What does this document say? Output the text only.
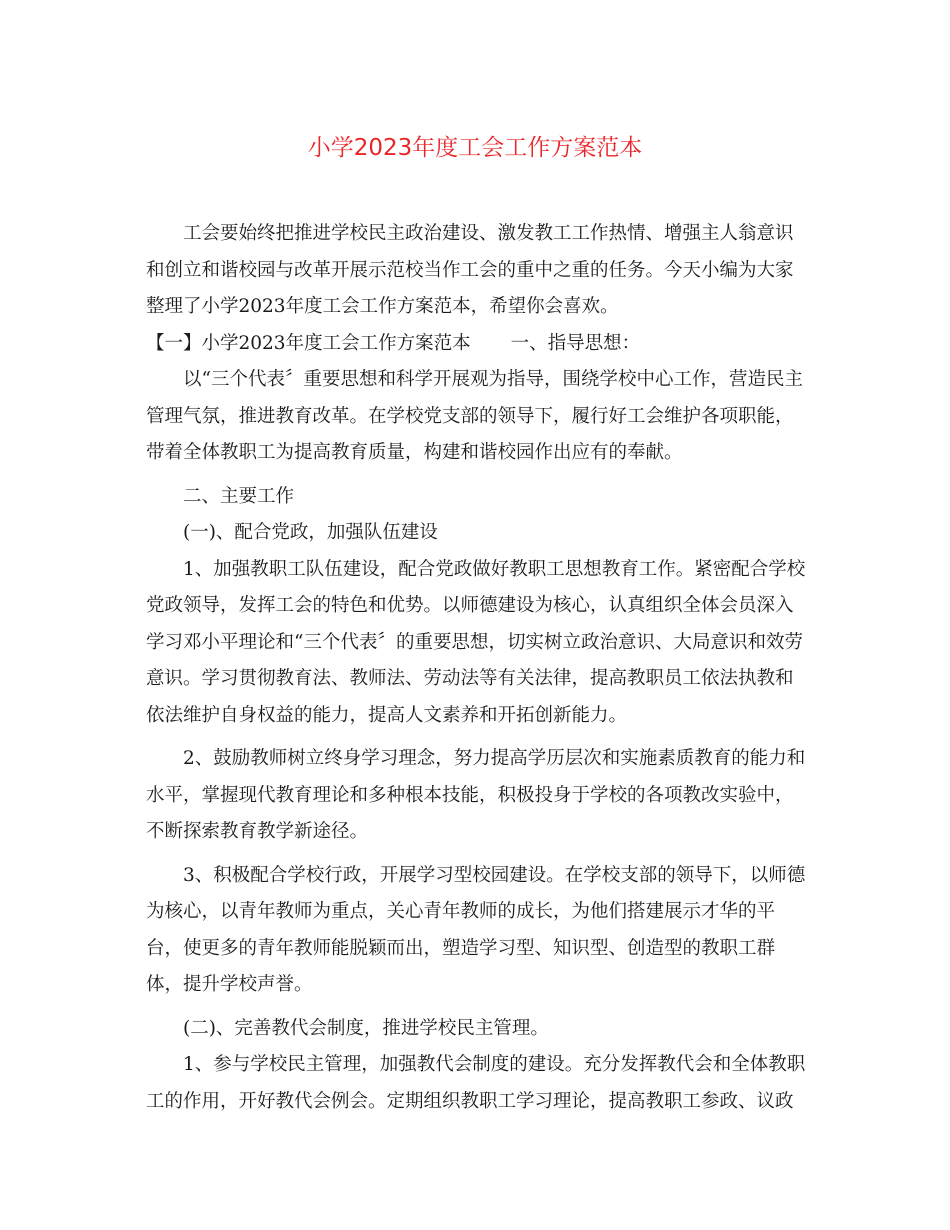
小学2023年度工会工作方案范本

工会要始终把推进学校民主政治建设、激发教工工作热情、增强主人翁意识和创立和谐校园与改革开展示范校当作工会的重中之重的任务。今天小编为大家整理了小学2023年度工会工作方案范本，希望你会喜欢。

【一】小学2023年度工会工作方案范本 一、指导思想：

以“三个代表〞重要思想和科学开展观为指导，围绕学校中心工作，营造民主管理气氛，推进教育改革。在学校党支部的领导下，履行好工会维护各项职能，带着全体教职工为提高教育质量，构建和谐校园作出应有的奉献。

二、主要工作

(一)、配合党政，加强队伍建设

1、加强教职工队伍建设，配合党政做好教职工思想教育工作。紧密配合学校党政领导，发挥工会的特色和优势。以师德建设为核心，认真组织全体会员深入学习邓小平理论和“三个代表〞的重要思想，切实树立政治意识、大局意识和效劳意识。学习贯彻教育法、教师法、劳动法等有关法律，提高教职员工依法执教和依法维护自身权益的能力，提高人文素养和开拓创新能力。

2、鼓励教师树立终身学习理念，努力提高学历层次和实施素质教育的能力和水平，掌握现代教育理论和多种根本技能，积极投身于学校的各项教改实验中，不断探索教育教学新途径。

3、积极配合学校行政，开展学习型校园建设。在学校支部的领导下，以师德为核心，以青年教师为重点，关心青年教师的成长，为他们搭建展示才华的平台，使更多的青年教师能脱颖而出，塑造学习型、知识型、创造型的教职工群体，提升学校声誉。

(二)、完善教代会制度，推进学校民主管理。

1、参与学校民主管理，加强教代会制度的建设。充分发挥教代会和全体教职工的作用，开好教代会例会。定期组织教职工学习理论，提高教职工参政、议政
